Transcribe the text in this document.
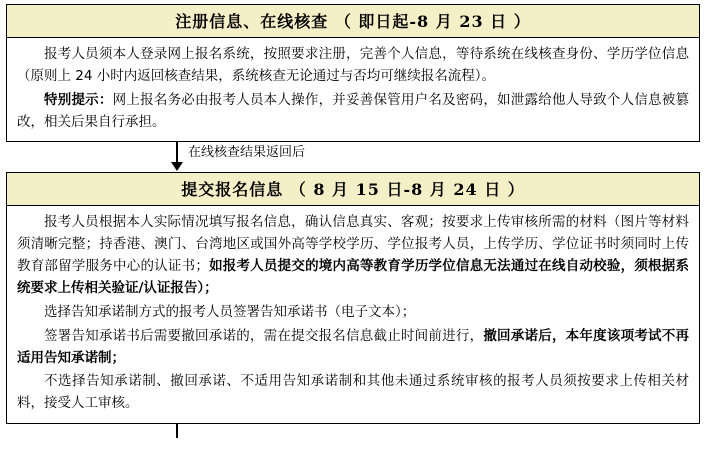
注册信息、在线核查 （ 即日起-8 月 23 日 ）

报考人员须本人登录网上报名系统，按照要求注册，完善个人信息，等待系统在线核查身份、学历学位信息（原则上 24 小时内返回核查结果，系统核查无论通过与否均可继续报名流程）。

特别提示：网上报名务必由报考人员本人操作，并妥善保管用户名及密码，如泄露给他人导致个人信息被篡改，相关后果自行承担。

在线核查结果返回后
提交报名信息 （ 8 月 15 日-8 月 24 日 ）

报考人员根据本人实际情况填写报名信息，确认信息真实、客观；按要求上传审核所需的材料（图片等材料须清晰完整；持香港、澳门、台湾地区或国外高等学校学历、学位报考人员，上传学历、学位证书时须同时上传教育部留学服务中心的认证书；如报考人员提交的境内高等教育学历学位信息无法通过在线自动校验，须根据系统要求上传相关验证/认证报告）；

选择告知承诺制方式的报考人员签署告知承诺书（电子文本）；

签署告知承诺书后需要撤回承诺的，需在提交报名信息截止时间前进行，撤回承诺后，本年度该项考试不再适用告知承诺制；

不选择告知承诺制、撤回承诺、不适用告知承诺制和其他未通过系统审核的报考人员须按要求上传相关材料，接受人工审核。
